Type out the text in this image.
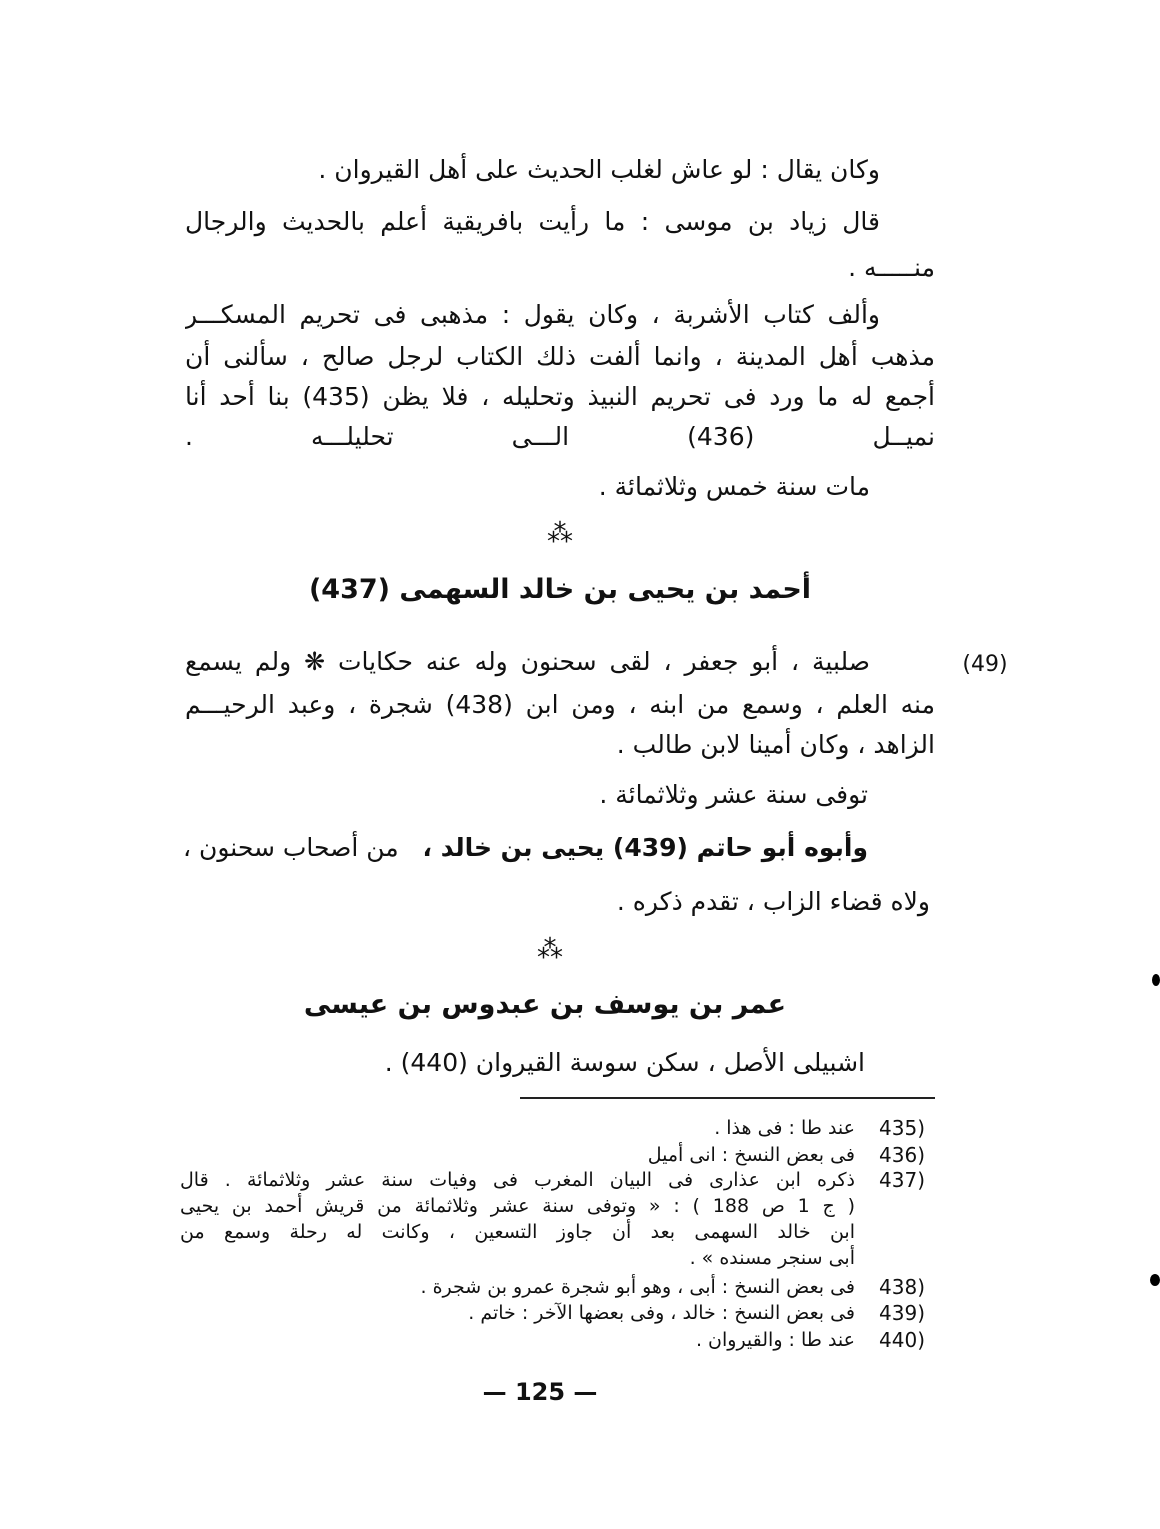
وكان يقال : لو عاش لغلب الحديث على أهل القيروان .
قال زياد بن موسى : ما رأيت بافريقية أعلم بالحديث والرجال
منـــــه .
وألف كتاب الأشربة ، وكان يقول : مذهبى فى تحريم المسكـــر
مذهب أهل المدينة ، وانما ألفت ذلك الكتاب لرجل صالح ، سألنى أن
أجمع له ما ورد فى تحريم النبيذ وتحليله ، فلا يظن (435) بنا أحد أنا
نميــل (436) الـــى تحليلـــه .
مات سنة خمس وثلاثمائة .
⁂
أحمد بن يحيى بن خالد السهمى (437)
(49)
صلبية ، أبو جعفر ، لقى سحنون وله عنه حكايات ❋ ولم يسمع
منه العلم ، وسمع من ابنه ، ومن ابن (438) شجرة ، وعبد الرحيـــم
الزاهد ، وكان أمينا لابن طالب .
توفى سنة عشر وثلاثمائة .
وأبوه أبو حاتم (439) يحيى بن خالد ،
من أصحاب سحنون ،
ولاه قضاء الزاب ، تقدم ذكره .
⁂
عمر بن يوسف بن عبدوس بن عيسى
اشبيلى الأصل ، سكن سوسة القيروان (440) .
435)
عند طا : فى هذا .
436)
فى بعض النسخ : انى أميل
437)
ذكره ابن عذارى فى البيان المغرب فى وفيات سنة عشر وثلاثمائة . قال
( ج 1 ص 188 ) : « وتوفى سنة عشر وثلاثمائة من قريش أحمد بن يحيى
ابن خالد السهمى بعد أن جاوز التسعين ، وكانت له رحلة وسمع من
أبى سنجر مسنده » .
438)
فى بعض النسخ : أبى ، وهو أبو شجرة عمرو بن شجرة .
439)
فى بعض النسخ : خالد ، وفى بعضها الآخر : خاتم .
440)
عند طا : والقيروان .
— 125 —
